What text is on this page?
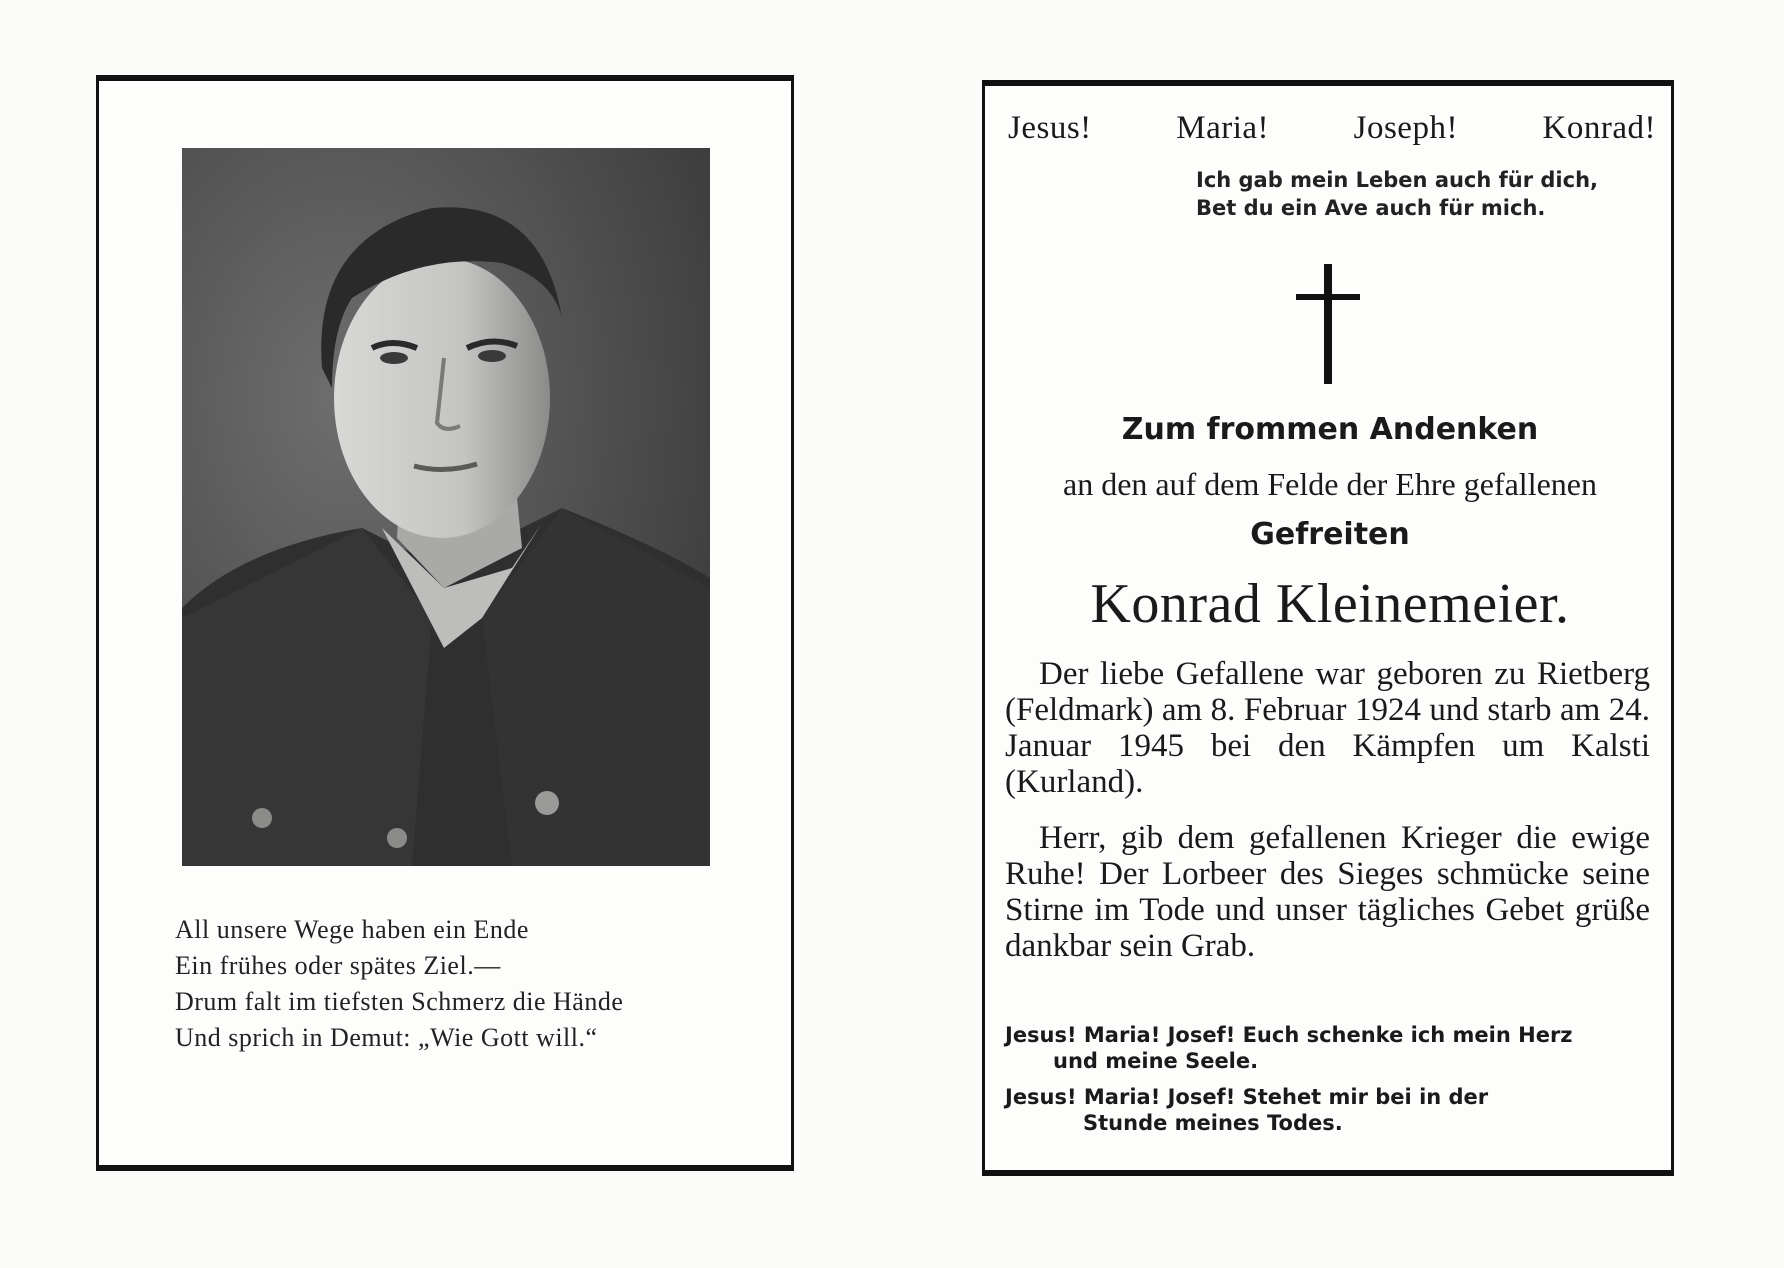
All unsere Wege haben ein Ende
Ein frühes oder spätes Ziel.—
Drum falt im tiefsten Schmerz die Hände
Und sprich in Demut: „Wie Gott will.“
Jesus!	Maria!	Joseph!	Konrad!
Ich gab mein Leben auch für dich,
Bet du ein Ave auch für mich.
Zum frommen Andenken
an den auf dem Felde der Ehre gefallenen
Gefreiten
Konrad Kleinemeier.
Der liebe Gefallene war geboren zu Rietberg (Feldmark) am 8. Februar 1924 und starb am 24. Januar 1945 bei den Kämpfen um Kalsti (Kurland).
Herr, gib dem gefallenen Krieger die ewige Ruhe! Der Lorbeer des Sieges schmücke seine Stirne im Tode und unser tägliches Gebet grüße dankbar sein Grab.
Jesus! Maria! Josef! Euch schenke ich mein Herz
und meine Seele.
Jesus! Maria! Josef! Stehet mir bei in der
Stunde meines Todes.
